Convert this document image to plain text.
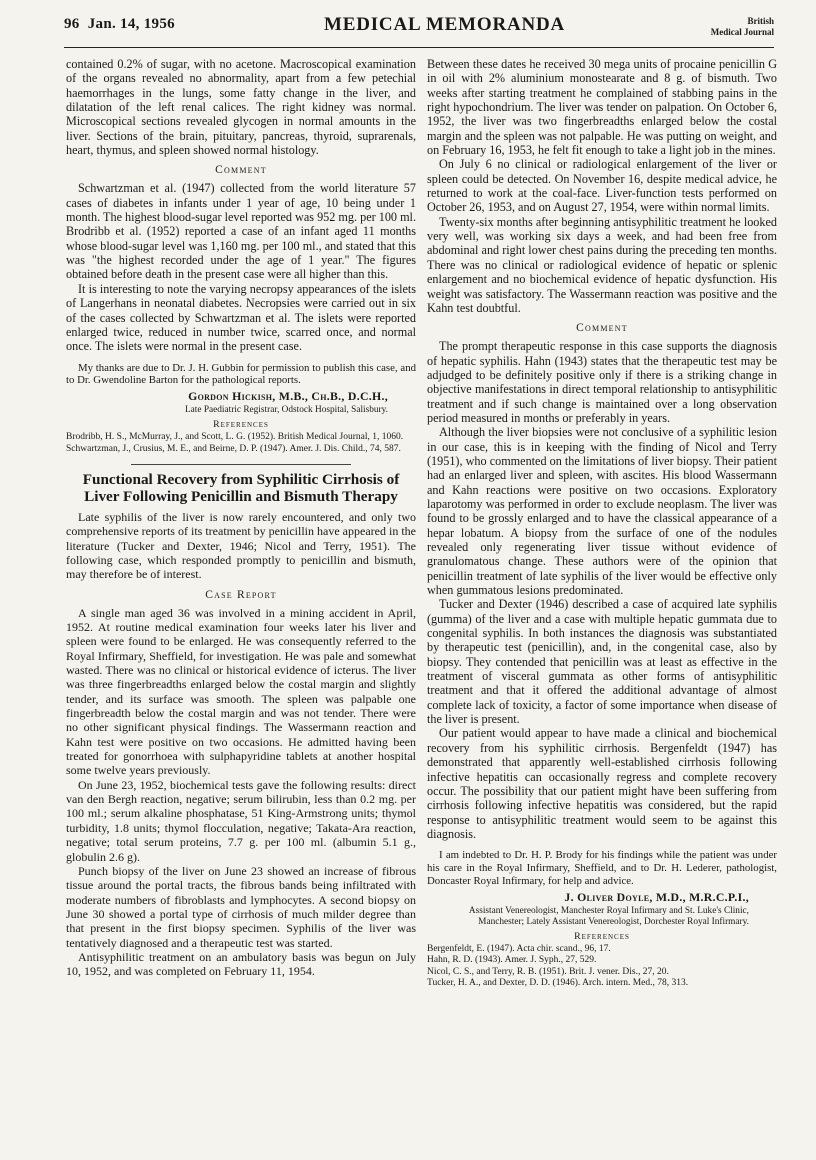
96 Jan. 14, 1956	MEDICAL MEMORANDA	British
Medical Journal

contained 0.2% of sugar, with no acetone. Macroscopical examination of the organs revealed no abnormality, apart from a few petechial haemorrhages in the lungs, some fatty change in the liver, and dilatation of the left renal calices. The right kidney was normal. Microscopical sections revealed glycogen in normal amounts in the liver. Sections of the brain, pituitary, pancreas, thyroid, suprarenals, heart, thymus, and spleen showed normal histology.

Comment

Schwartzman et al. (1947) collected from the world literature 57 cases of diabetes in infants under 1 year of age, 10 being under 1 month. The highest blood-sugar level reported was 952 mg. per 100 ml. Brodribb et al. (1952) reported a case of an infant aged 11 months whose blood-sugar level was 1,160 mg. per 100 ml., and stated that this was "the highest recorded under the age of 1 year." The figures obtained before death in the present case were all higher than this.

It is interesting to note the varying necropsy appearances of the islets of Langerhans in neonatal diabetes. Necropsies were carried out in six of the cases collected by Schwartzman et al. The islets were reported enlarged twice, reduced in number twice, scarred once, and normal once. The islets were normal in the present case.

My thanks are due to Dr. J. H. Gubbin for permission to publish this case, and to Dr. Gwendoline Barton for the pathological reports.

Gordon Hickish, M.B., Ch.B., D.C.H.,
Late Paediatric Registrar, Odstock Hospital, Salisbury.
References

Brodribb, H. S., McMurray, J., and Scott, L. G. (1952). British Medical Journal, 1, 1060.

Schwartzman, J., Crusius, M. E., and Beirne, D. P. (1947). Amer. J. Dis. Child., 74, 587.

Functional Recovery from Syphilitic Cirrhosis of Liver Following Penicillin and Bismuth Therapy

Late syphilis of the liver is now rarely encountered, and only two comprehensive reports of its treatment by penicillin have appeared in the literature (Tucker and Dexter, 1946; Nicol and Terry, 1951). The following case, which responded promptly to penicillin and bismuth, may therefore be of interest.

Case Report

A single man aged 36 was involved in a mining accident in April, 1952. At routine medical examination four weeks later his liver and spleen were found to be enlarged. He was consequently referred to the Royal Infirmary, Sheffield, for investigation. He was pale and somewhat wasted. There was no clinical or historical evidence of icterus. The liver was three fingerbreadths enlarged below the costal margin and slightly tender, and its surface was smooth. The spleen was palpable one fingerbreadth below the costal margin and was not tender. There were no other significant physical findings. The Wassermann reaction and Kahn test were positive on two occasions. He admitted having been treated for gonorrhoea with sulphapyridine tablets at another hospital some twelve years previously.

On June 23, 1952, biochemical tests gave the following results: direct van den Bergh reaction, negative; serum bilirubin, less than 0.2 mg. per 100 ml.; serum alkaline phosphatase, 51 King-Armstrong units; thymol turbidity, 1.8 units; thymol flocculation, negative; Takata-Ara reaction, negative; total serum proteins, 7.7 g. per 100 ml. (albumin 5.1 g., globulin 2.6 g).

Punch biopsy of the liver on June 23 showed an increase of fibrous tissue around the portal tracts, the fibrous bands being infiltrated with moderate numbers of fibroblasts and lymphocytes. A second biopsy on June 30 showed a portal type of cirrhosis of much milder degree than that present in the first biopsy specimen. Syphilis of the liver was tentatively diagnosed and a therapeutic test was started.

Antisyphilitic treatment on an ambulatory basis was begun on July 10, 1952, and was completed on February 11, 1954.

Between these dates he received 30 mega units of procaine penicillin G in oil with 2% aluminium monostearate and 8 g. of bismuth. Two weeks after starting treatment he complained of stabbing pains in the right hypochondrium. The liver was tender on palpation. On October 6, 1952, the liver was two fingerbreadths enlarged below the costal margin and the spleen was not palpable. He was putting on weight, and on February 16, 1953, he felt fit enough to take a light job in the mines.

On July 6 no clinical or radiological enlargement of the liver or spleen could be detected. On November 16, despite medical advice, he returned to work at the coal-face. Liver-function tests performed on October 26, 1953, and on August 27, 1954, were within normal limits.

Twenty-six months after beginning antisyphilitic treatment he looked very well, was working six days a week, and had been free from abdominal and right lower chest pains during the preceding ten months. There was no clinical or radiological evidence of hepatic or splenic enlargement and no biochemical evidence of hepatic dysfunction. His weight was satisfactory. The Wassermann reaction was positive and the Kahn test doubtful.

Comment

The prompt therapeutic response in this case supports the diagnosis of hepatic syphilis. Hahn (1943) states that the therapeutic test may be adjudged to be definitely positive only if there is a striking change in objective manifestations in direct temporal relationship to antisyphilitic treatment and if such change is maintained over a long observation period measured in months or preferably in years.

Although the liver biopsies were not conclusive of a syphilitic lesion in our case, this is in keeping with the finding of Nicol and Terry (1951), who commented on the limitations of liver biopsy. Their patient had an enlarged liver and spleen, with ascites. His blood Wassermann and Kahn reactions were positive on two occasions. Exploratory laparotomy was performed in order to exclude neoplasm. The liver was found to be grossly enlarged and to have the classical appearance of a hepar lobatum. A biopsy from the surface of one of the nodules revealed only regenerating liver tissue without evidence of granulomatous change. These authors were of the opinion that penicillin treatment of late syphilis of the liver would be effective only when gummatous lesions predominated.

Tucker and Dexter (1946) described a case of acquired late syphilis (gumma) of the liver and a case with multiple hepatic gummata due to congenital syphilis. In both instances the diagnosis was substantiated by therapeutic test (penicillin), and, in the congenital case, also by biopsy. They contended that penicillin was at least as effective in the treatment of visceral gummata as other forms of antisyphilitic treatment and that it offered the additional advantage of almost complete lack of toxicity, a factor of some importance when disease of the liver is present.

Our patient would appear to have made a clinical and biochemical recovery from his syphilitic cirrhosis. Bergenfeldt (1947) has demonstrated that apparently well-established cirrhosis following infective hepatitis can occasionally regress and complete recovery occur. The possibility that our patient might have been suffering from cirrhosis following infective hepatitis was considered, but the rapid response to antisyphilitic treatment would seem to be against this diagnosis.

I am indebted to Dr. H. P. Brody for his findings while the patient was under his care in the Royal Infirmary, Sheffield, and to Dr. H. Lederer, pathologist, Doncaster Royal Infirmary, for help and advice.

J. Oliver Doyle, M.D., M.R.C.P.I.,
Assistant Venereologist, Manchester Royal Infirmary and St. Luke's Clinic, Manchester; Lately Assistant Venereologist, Dorchester Royal Infirmary.
References

Bergenfeldt, E. (1947). Acta chir. scand., 96, 17.

Hahn, R. D. (1943). Amer. J. Syph., 27, 529.

Nicol, C. S., and Terry, R. B. (1951). Brit. J. vener. Dis., 27, 20.

Tucker, H. A., and Dexter, D. D. (1946). Arch. intern. Med., 78, 313.
